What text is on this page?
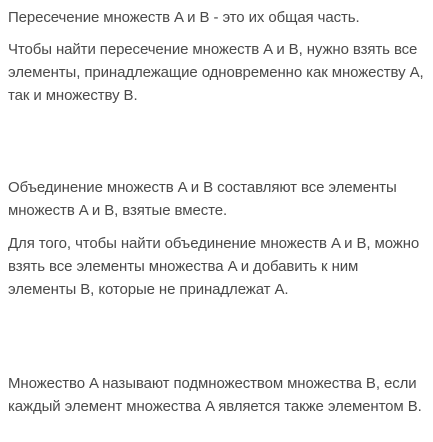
Пересечение множеств A и B - это их общая часть.

Чтобы найти пересечение множеств A и B, нужно взять все элементы, принадлежащие одновременно как множеству A, так и множеству B.

Объединение множеств A и B составляют все элементы множеств A и B, взятые вместе.

Для того, чтобы найти объединение множеств A и B, можно взять все элементы множества A и добавить к ним элементы B, которые не принадлежат A.

Множество A называют подмножеством множества B, если каждый элемент множества A является также элементом B.
